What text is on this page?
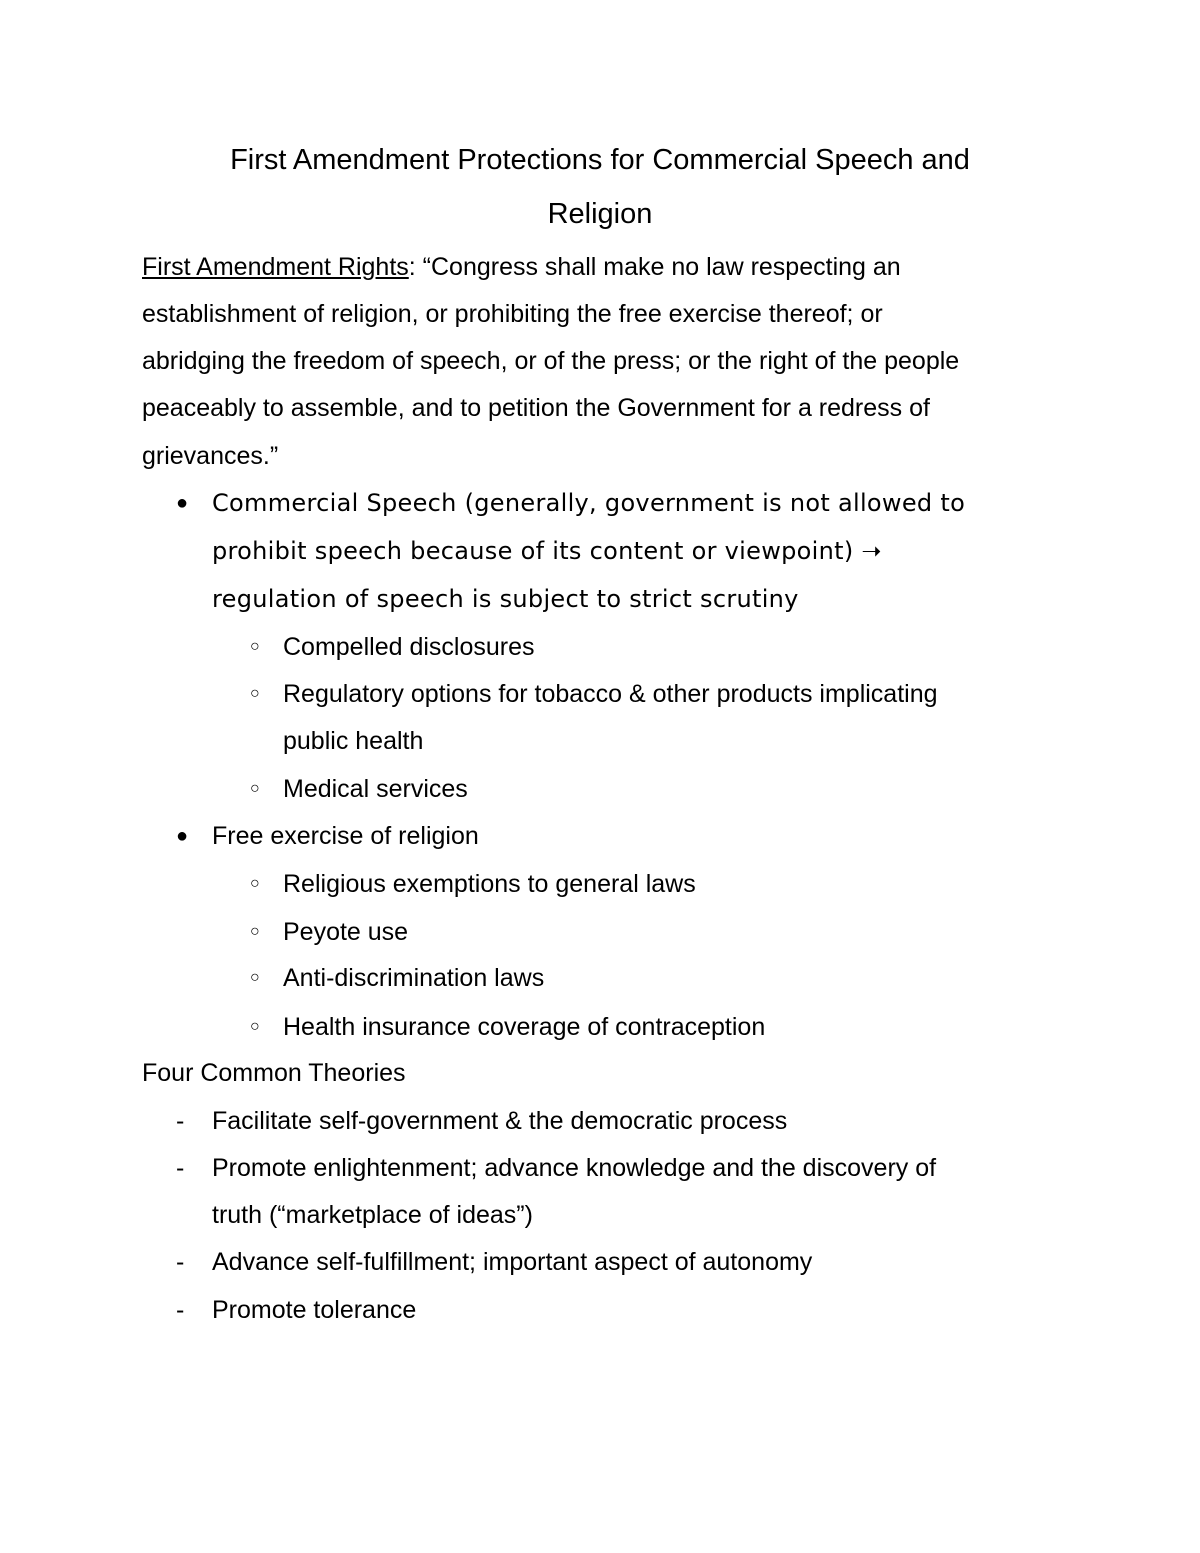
First Amendment Protections for Commercial Speech and
Religion
First Amendment Rights: “Congress shall make no law respecting an
establishment of religion, or prohibiting the free exercise thereof; or
abridging the freedom of speech, or of the press; or the right of the people
peaceably to assemble, and to petition the Government for a redress of
grievances.”
● Commercial Speech (generally, government is not allowed to
prohibit speech because of its content or viewpoint) ➝
regulation of speech is subject to strict scrutiny
○ Compelled disclosures
○ Regulatory options for tobacco & other products implicating
public health
○ Medical services
● Free exercise of religion
○ Religious exemptions to general laws
○ Peyote use
○ Anti-discrimination laws
○ Health insurance coverage of contraception
Four Common Theories
- Facilitate self-government & the democratic process
- Promote enlightenment; advance knowledge and the discovery of
truth (“marketplace of ideas”)
- Advance self-fulfillment; important aspect of autonomy
- Promote tolerance
